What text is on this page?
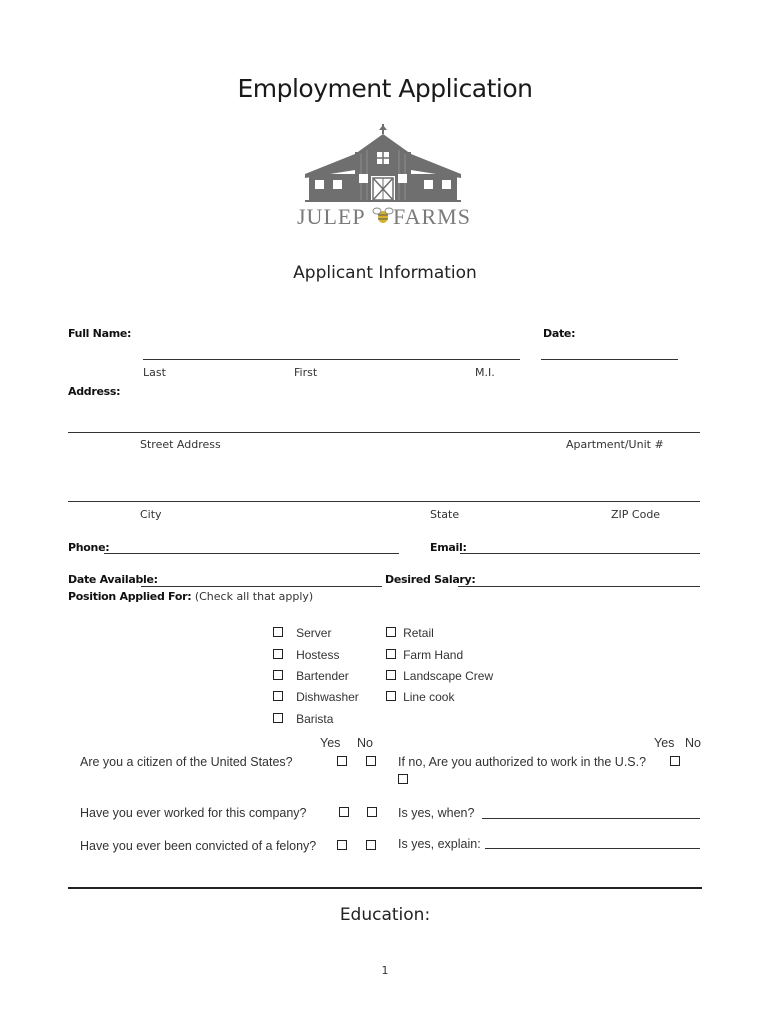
Employment Application
JULEP FARMS
Applicant Information
Full Name:	Date:
Last	First	M.I.
Address:
Street Address	Apartment/Unit #
City	State	ZIP Code
Phone:	Email:
Date Available:	Desired Salary:
Position Applied For: (Check all that apply)
Server
Hostess
Bartender
Dishwasher
Barista
Retail
Farm Hand
Landscape Crew
Line cook
Yes No	Yes No
Are you a citizen of the United States?	If no, Are you authorized to work in the U.S.?
Have you ever worked for this company?	Is yes, when?
Have you ever been convicted of a felony?	Is yes, explain:
Education:
1
